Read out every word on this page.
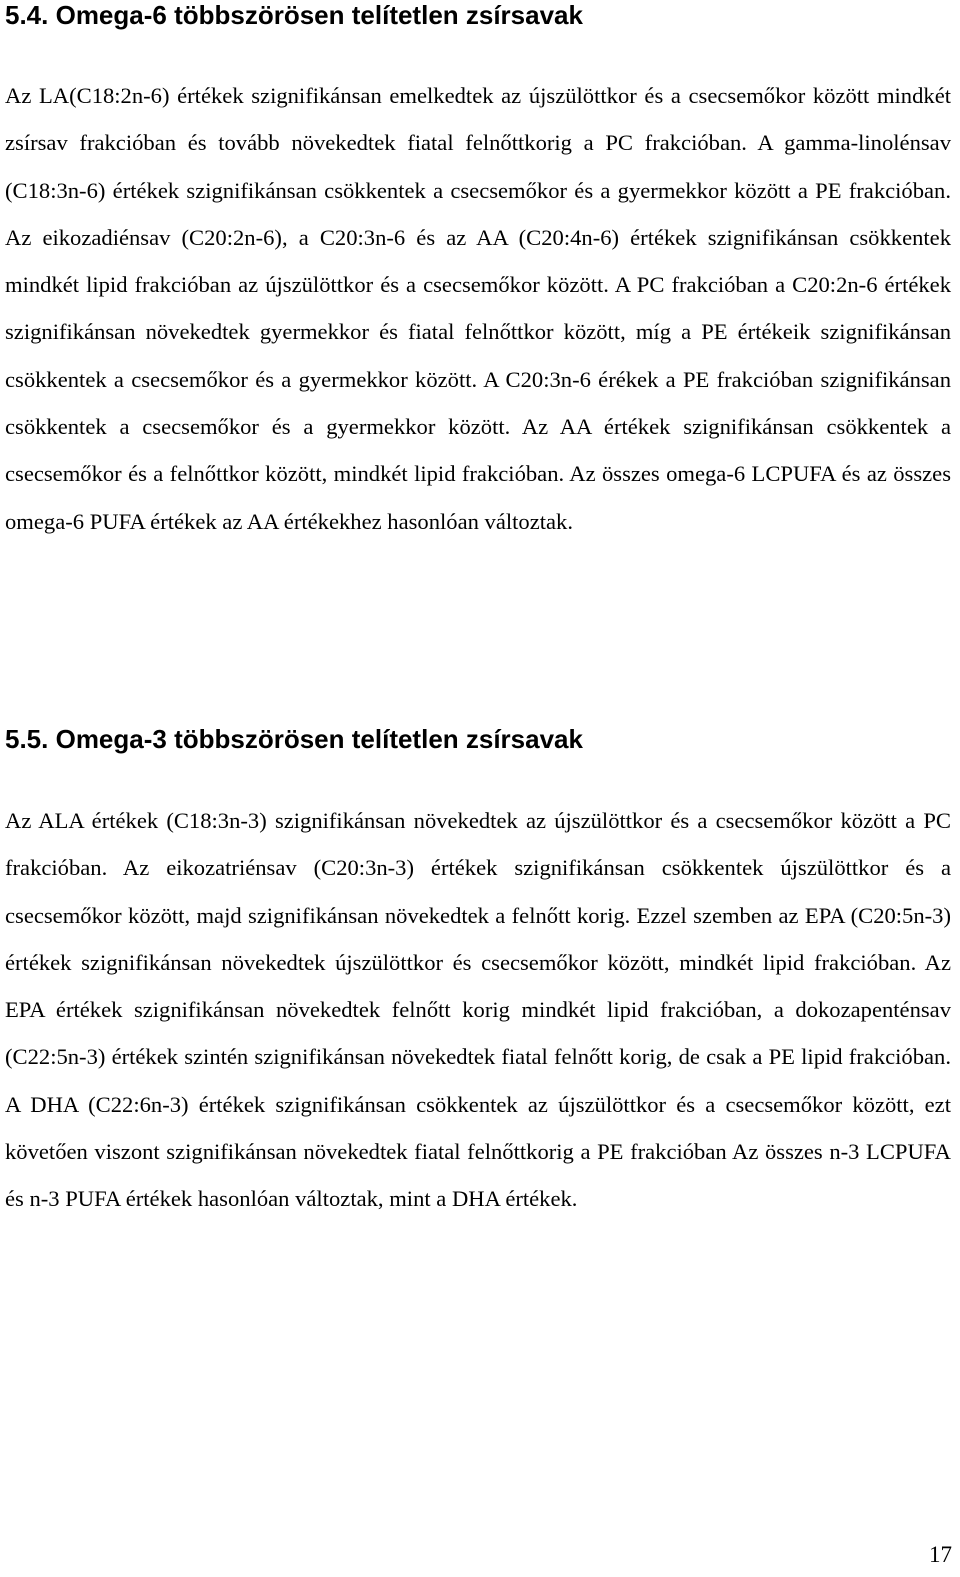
5.4. Omega-6 többszörösen telítetlen zsírsavak

Az LA(C18:2n-6) értékek szignifikánsan emelkedtek az újszülöttkor és a csecsemőkor között mindkét zsírsav frakcióban és tovább növekedtek fiatal felnőttkorig a PC frakcióban. A gamma-linolénsav (C18:3n-6) értékek szignifikánsan csökkentek a csecsemőkor és a gyermekkor között a PE frakcióban. Az eikozadiénsav (C20:2n-6), a C20:3n-6 és az AA (C20:4n-6) értékek szignifikánsan csökkentek mindkét lipid frakcióban az újszülöttkor és a csecsemőkor között. A PC frakcióban a C20:2n-6 értékek szignifikánsan növekedtek gyermekkor és fiatal felnőttkor között, míg a PE értékeik szignifikánsan csökkentek a csecsemőkor és a gyermekkor között. A C20:3n-6 érékek a PE frakcióban szignifikánsan csökkentek a csecsemőkor és a gyermekkor között. Az AA értékek szignifikánsan csökkentek a csecsemőkor és a felnőttkor között, mindkét lipid frakcióban. Az összes omega-6 LCPUFA és az összes omega-6 PUFA értékek az AA értékekhez hasonlóan változtak.

5.5. Omega-3 többszörösen telítetlen zsírsavak

Az ALA értékek (C18:3n-3) szignifikánsan növekedtek az újszülöttkor és a csecsemőkor között a PC frakcióban. Az eikozatriénsav (C20:3n-3) értékek szignifikánsan csökkentek újszülöttkor és a csecsemőkor között, majd szignifikánsan növekedtek a felnőtt korig. Ezzel szemben az EPA (C20:5n-3) értékek szignifikánsan növekedtek újszülöttkor és csecsemőkor között, mindkét lipid frakcióban. Az EPA értékek szignifikánsan növekedtek felnőtt korig mindkét lipid frakcióban, a dokozapenténsav (C22:5n-3) értékek szintén szignifikánsan növekedtek fiatal felnőtt korig, de csak a PE lipid frakcióban. A DHA (C22:6n-3) értékek szignifikánsan csökkentek az újszülöttkor és a csecsemőkor között, ezt követően viszont szignifikánsan növekedtek fiatal felnőttkorig a PE frakcióban Az összes n-3 LCPUFA és n-3 PUFA értékek hasonlóan változtak, mint a DHA értékek.

17
